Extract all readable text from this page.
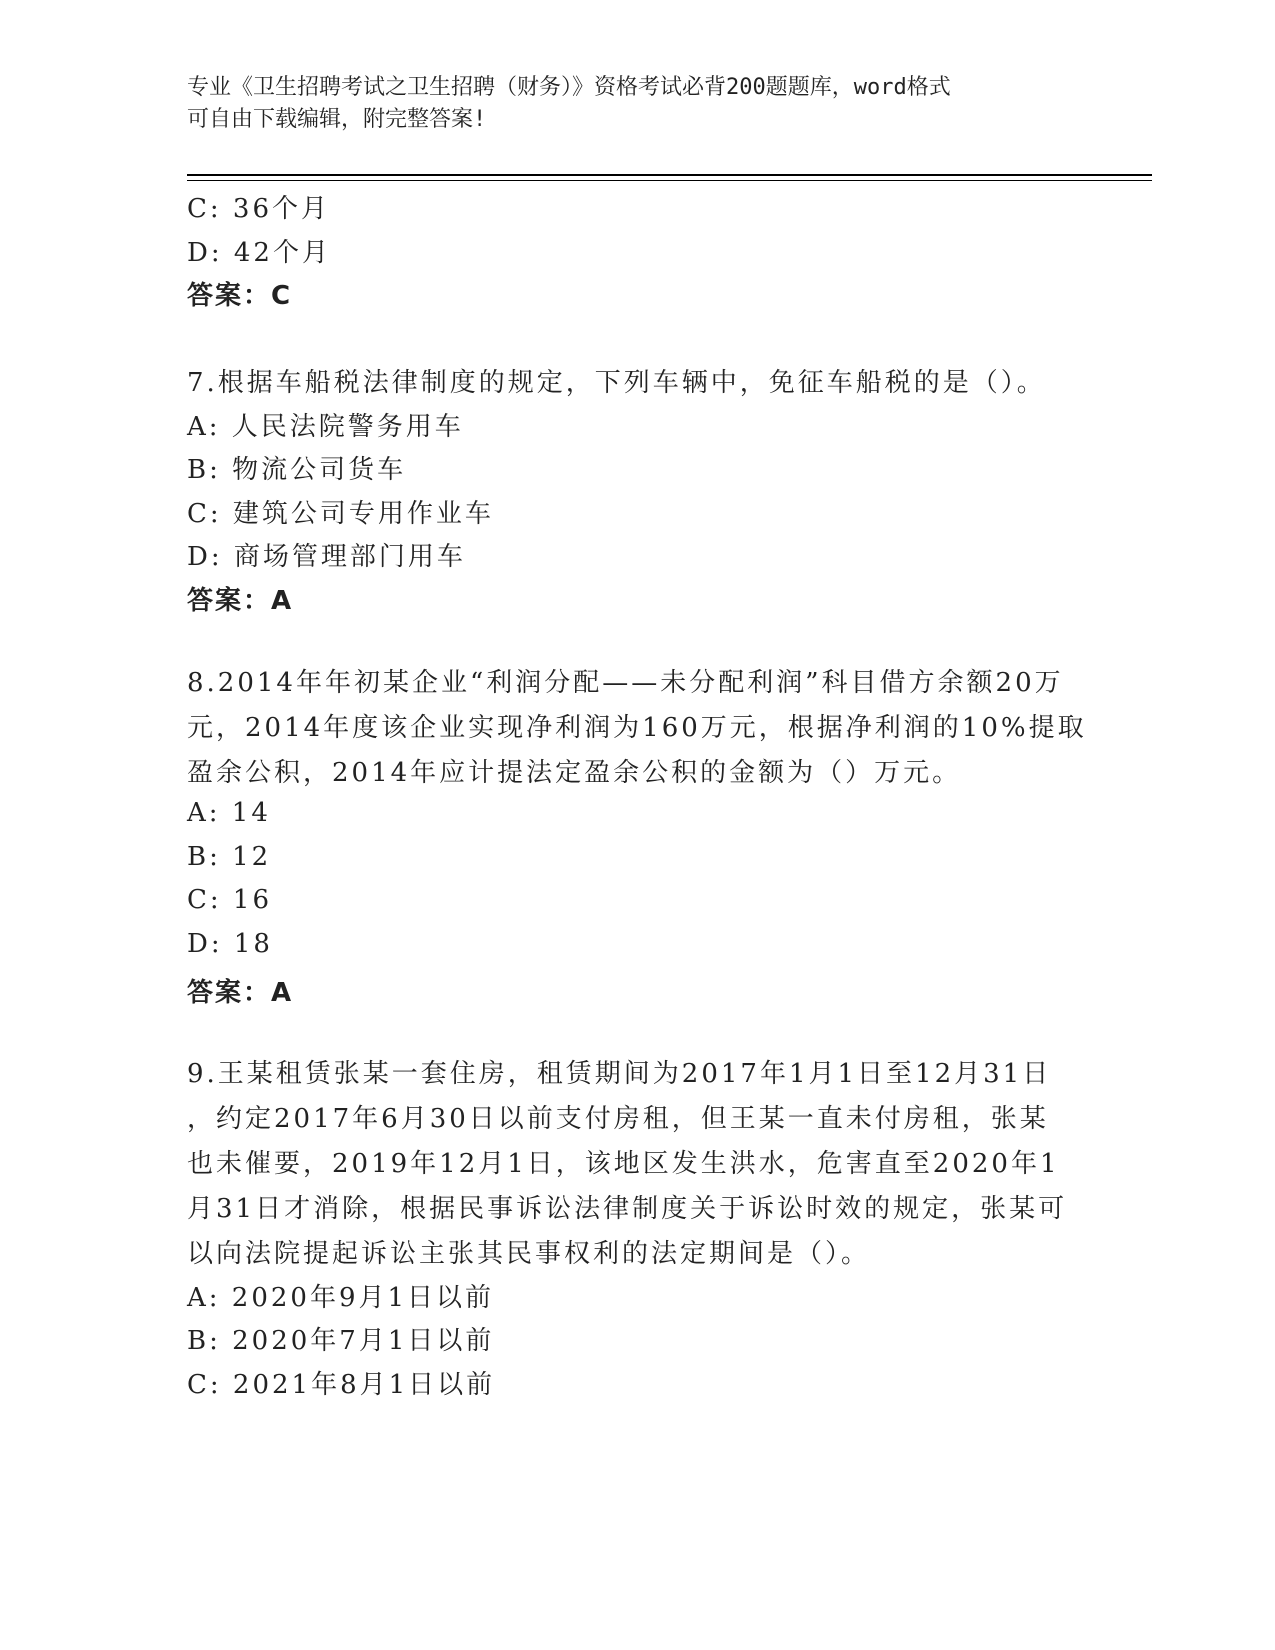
专业《卫生招聘考试之卫生招聘（财务）》资格考试必背200题题库，word格式
可自由下载编辑，附完整答案!
C: 36个月
D: 42个月
答案：C
7.根据车船税法律制度的规定，下列车辆中，免征车船税的是（）。
A: 人民法院警务用车
B: 物流公司货车
C: 建筑公司专用作业车
D: 商场管理部门用车
答案：A
8.2014年年初某企业“利润分配——未分配利润”科目借方余额20万
元，2014年度该企业实现净利润为160万元，根据净利润的10%提取
盈余公积，2014年应计提法定盈余公积的金额为（）万元。
A: 14
B: 12
C: 16
D: 18
答案：A
9.王某租赁张某一套住房，租赁期间为2017年1月1日至12月31日
，约定2017年6月30日以前支付房租，但王某一直未付房租，张某
也未催要，2019年12月1日，该地区发生洪水，危害直至2020年1
月31日才消除，根据民事诉讼法律制度关于诉讼时效的规定，张某可
以向法院提起诉讼主张其民事权利的法定期间是（）。
A: 2020年9月1日以前
B: 2020年7月1日以前
C: 2021年8月1日以前
